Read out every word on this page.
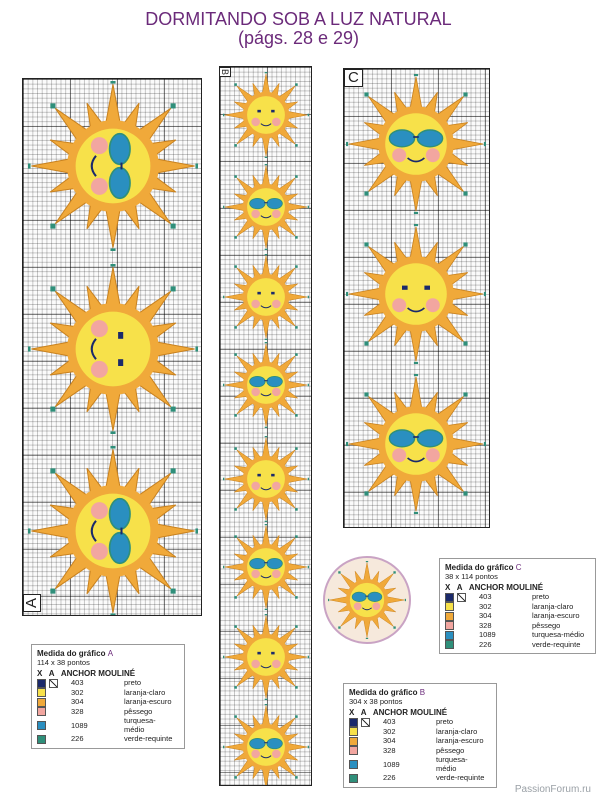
DORMITANDO SOB A LUZ NATURAL
(págs. 28 e 29)
A
B	C
Medida do gráfico C
38 x 114 pontos
X A ANCHOR MOULINÉ
		403	preto
		302	laranja-claro
		304	laranja-escuro
		328	pêssego
		1089	turquesa-médio
		226	verde-requinte
Medida do gráfico A
114 x 38 pontos
X A ANCHOR MOULINÉ
		403	preto
		302	laranja-claro
		304	laranja-escuro
		328	pêssego
		1089	turquesa-médio
		226	verde-requinte
Medida do gráfico B
304 x 38 pontos
X A ANCHOR MOULINÉ
		403	preto
		302	laranja-claro
		304	laranja-escuro
		328	pêssego
		1089	turquesa-médio
		226	verde-requinte
PassionForum.ru
